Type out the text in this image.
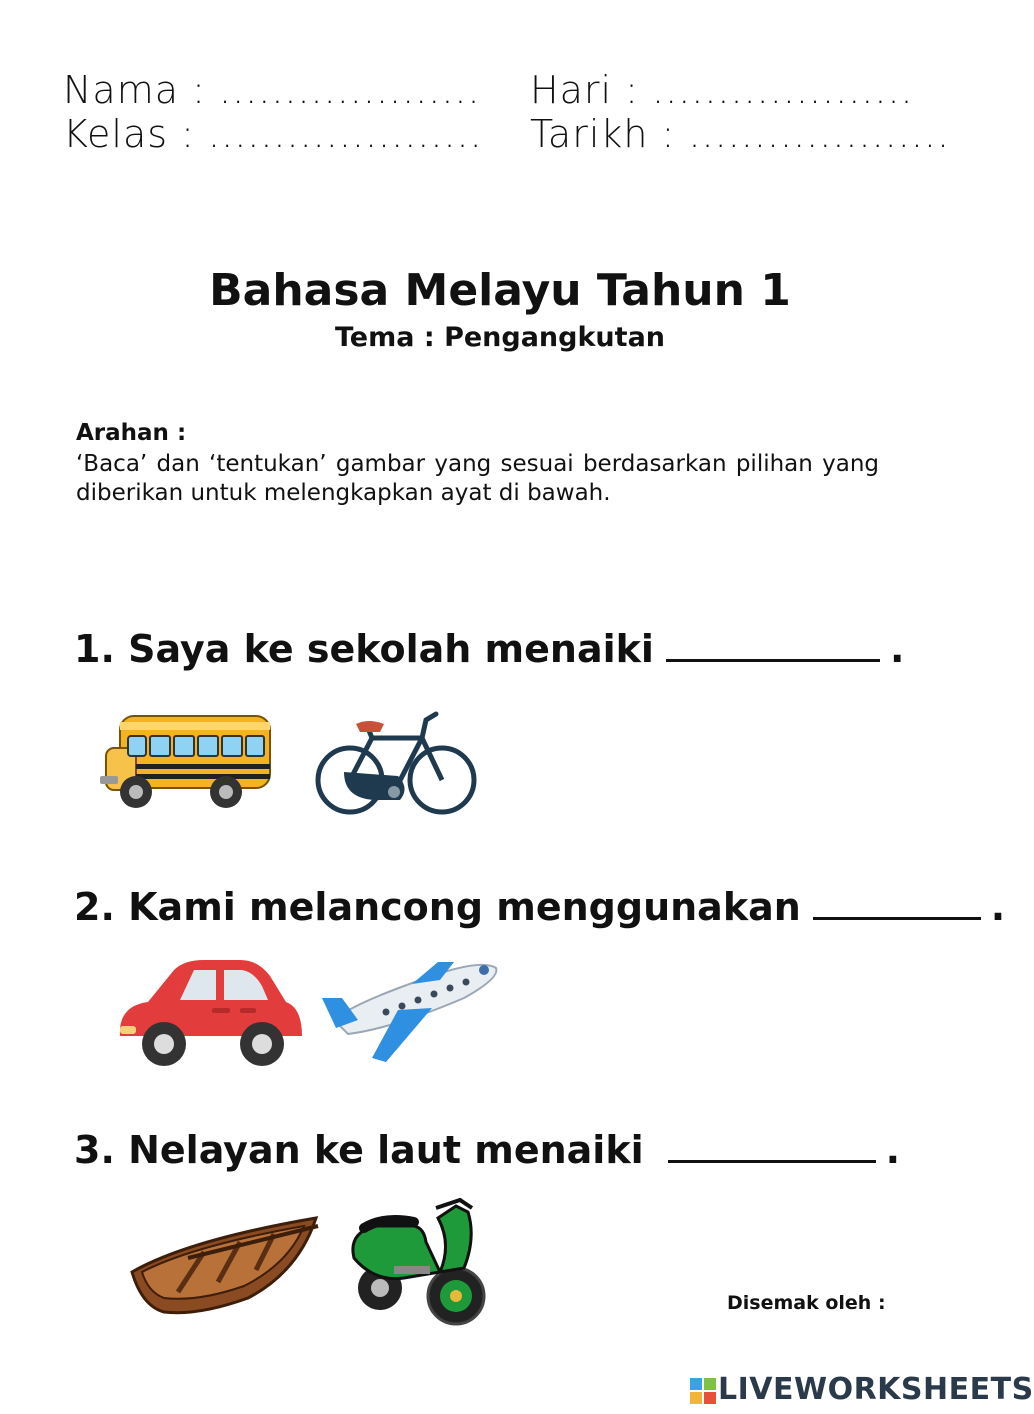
Nama : .................... Hari : ....................
Kelas : ..................... Tarikh : ....................
Bahasa Melayu Tahun 1
Tema : Pengangkutan
Arahan :
‘Baca’ dan ‘tentukan’ gambar yang sesuai berdasarkan pilihan yang diberikan untuk melengkapkan ayat di bawah.
1. Saya ke sekolah menaiki	.
2. Kami melancong menggunakan	.
3. Nelayan ke laut menaiki	.
Disemak oleh :
LIVEWORKSHEETS
